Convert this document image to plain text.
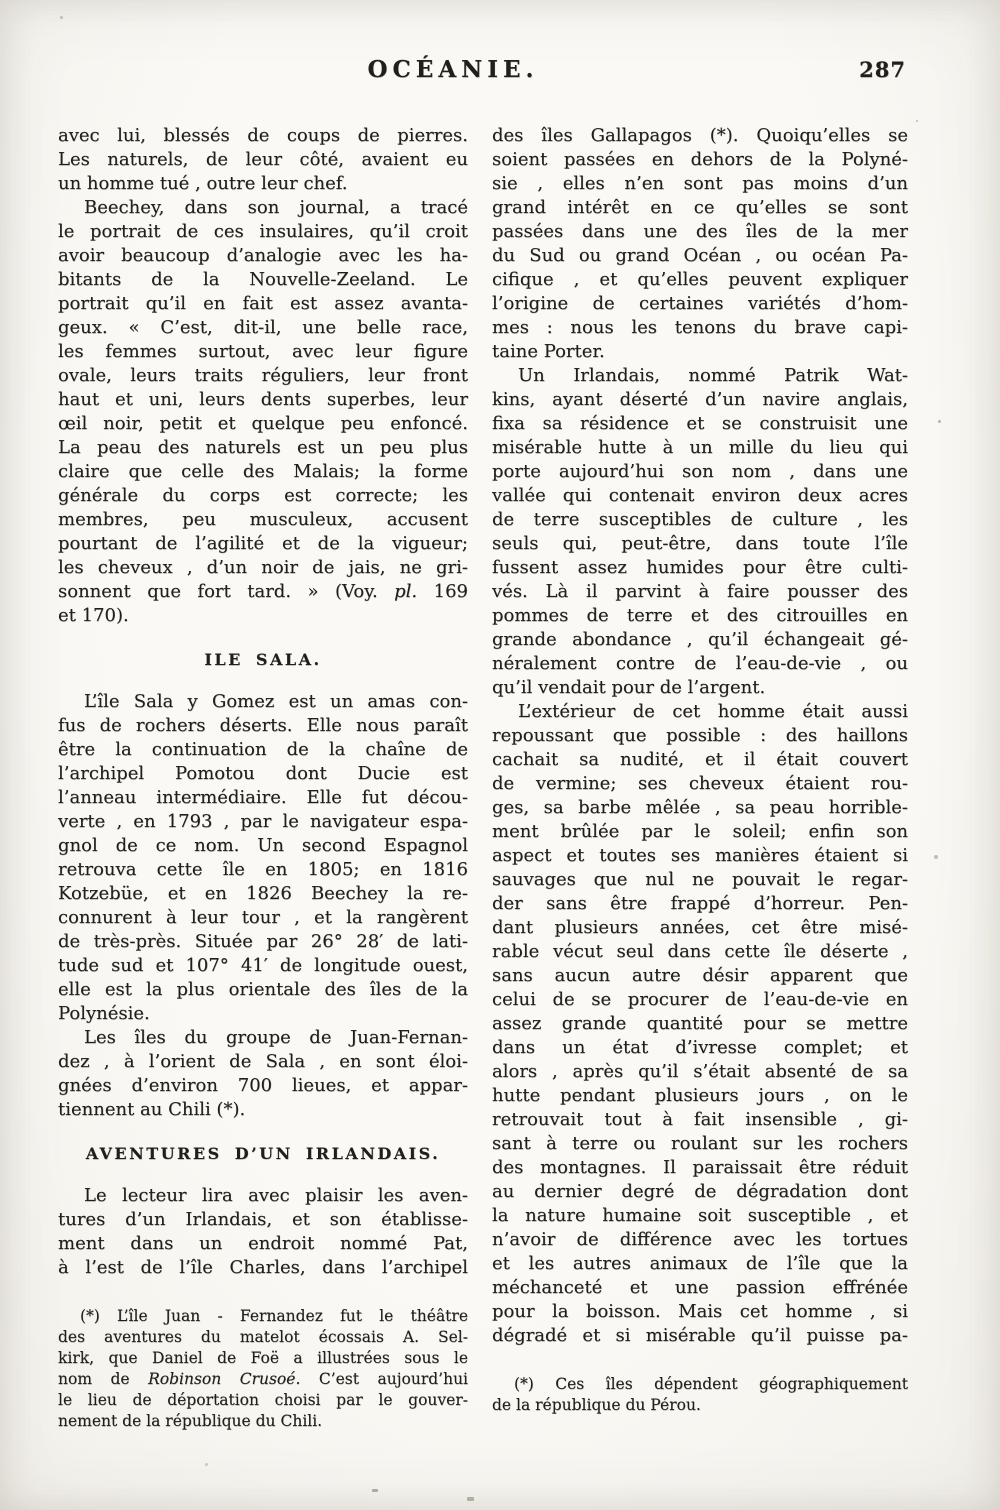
OCÉANIE.	287
avec lui, blessés de coups de pierres.
Les naturels, de leur côté, avaient eu
un homme tué , outre leur chef.
Beechey, dans son journal, a tracé
le portrait de ces insulaires, qu’il croit
avoir beaucoup d’analogie avec les ha-
bitants de la Nouvelle-Zeeland. Le
portrait qu’il en fait est assez avanta-
geux. « C’est, dit-il, une belle race,
les femmes surtout, avec leur figure
ovale, leurs traits réguliers, leur front
haut et uni, leurs dents superbes, leur
œil noir, petit et quelque peu enfoncé.
La peau des naturels est un peu plus
claire que celle des Malais; la forme
générale du corps est correcte; les
membres, peu musculeux, accusent
pourtant de l’agilité et de la vigueur;
les cheveux , d’un noir de jais, ne gri-
sonnent que fort tard. » (Voy. pl. 169
et 170).
ILE SALA.
L’île Sala y Gomez est un amas con-
fus de rochers déserts. Elle nous paraît
être la continuation de la chaîne de
l’archipel Pomotou dont Ducie est
l’anneau intermédiaire. Elle fut décou-
verte , en 1793 , par le navigateur espa-
gnol de ce nom. Un second Espagnol
retrouva cette île en 1805; en 1816
Kotzebüe, et en 1826 Beechey la re-
connurent à leur tour , et la rangèrent
de très-près. Située par 26° 28′ de lati-
tude sud et 107° 41′ de longitude ouest,
elle est la plus orientale des îles de la
Polynésie.
Les îles du groupe de Juan-Fernan-
dez , à l’orient de Sala , en sont éloi-
gnées d’environ 700 lieues, et appar-
tiennent au Chili (*).
AVENTURES D’UN IRLANDAIS.
Le lecteur lira avec plaisir les aven-
tures d’un Irlandais, et son établisse-
ment dans un endroit nommé Pat,
à l’est de l’île Charles, dans l’archipel
(*) L’île Juan - Fernandez fut le théâtre
des aventures du matelot écossais A. Sel-
kirk, que Daniel de Foë a illustrées sous le
nom de Robinson Crusoé. C’est aujourd’hui
le lieu de déportation choisi par le gouver-
nement de la république du Chili.
des îles Gallapagos (*). Quoiqu’elles se
soient passées en dehors de la Polyné-
sie , elles n’en sont pas moins d’un
grand intérêt en ce qu’elles se sont
passées dans une des îles de la mer
du Sud ou grand Océan , ou océan Pa-
cifique , et qu’elles peuvent expliquer
l’origine de certaines variétés d’hom-
mes : nous les tenons du brave capi-
taine Porter.
Un Irlandais, nommé Patrik Wat-
kins, ayant déserté d’un navire anglais,
fixa sa résidence et se construisit une
misérable hutte à un mille du lieu qui
porte aujourd’hui son nom , dans une
vallée qui contenait environ deux acres
de terre susceptibles de culture , les
seuls qui, peut-être, dans toute l’île
fussent assez humides pour être culti-
vés. Là il parvint à faire pousser des
pommes de terre et des citrouilles en
grande abondance , qu’il échangeait gé-
néralement contre de l’eau-de-vie , ou
qu’il vendait pour de l’argent.
L’extérieur de cet homme était aussi
repoussant que possible : des haillons
cachait sa nudité, et il était couvert
de vermine; ses cheveux étaient rou-
ges, sa barbe mêlée , sa peau horrible-
ment brûlée par le soleil; enfin son
aspect et toutes ses manières étaient si
sauvages que nul ne pouvait le regar-
der sans être frappé d’horreur. Pen-
dant plusieurs années, cet être misé-
rable vécut seul dans cette île déserte ,
sans aucun autre désir apparent que
celui de se procurer de l’eau-de-vie en
assez grande quantité pour se mettre
dans un état d’ivresse complet; et
alors , après qu’il s’était absenté de sa
hutte pendant plusieurs jours , on le
retrouvait tout à fait insensible , gi-
sant à terre ou roulant sur les rochers
des montagnes. Il paraissait être réduit
au dernier degré de dégradation dont
la nature humaine soit susceptible , et
n’avoir de différence avec les tortues
et les autres animaux de l’île que la
méchanceté et une passion effrénée
pour la boisson. Mais cet homme , si
dégradé et si misérable qu’il puisse pa-
(*) Ces îles dépendent géographiquement
de la république du Pérou.
